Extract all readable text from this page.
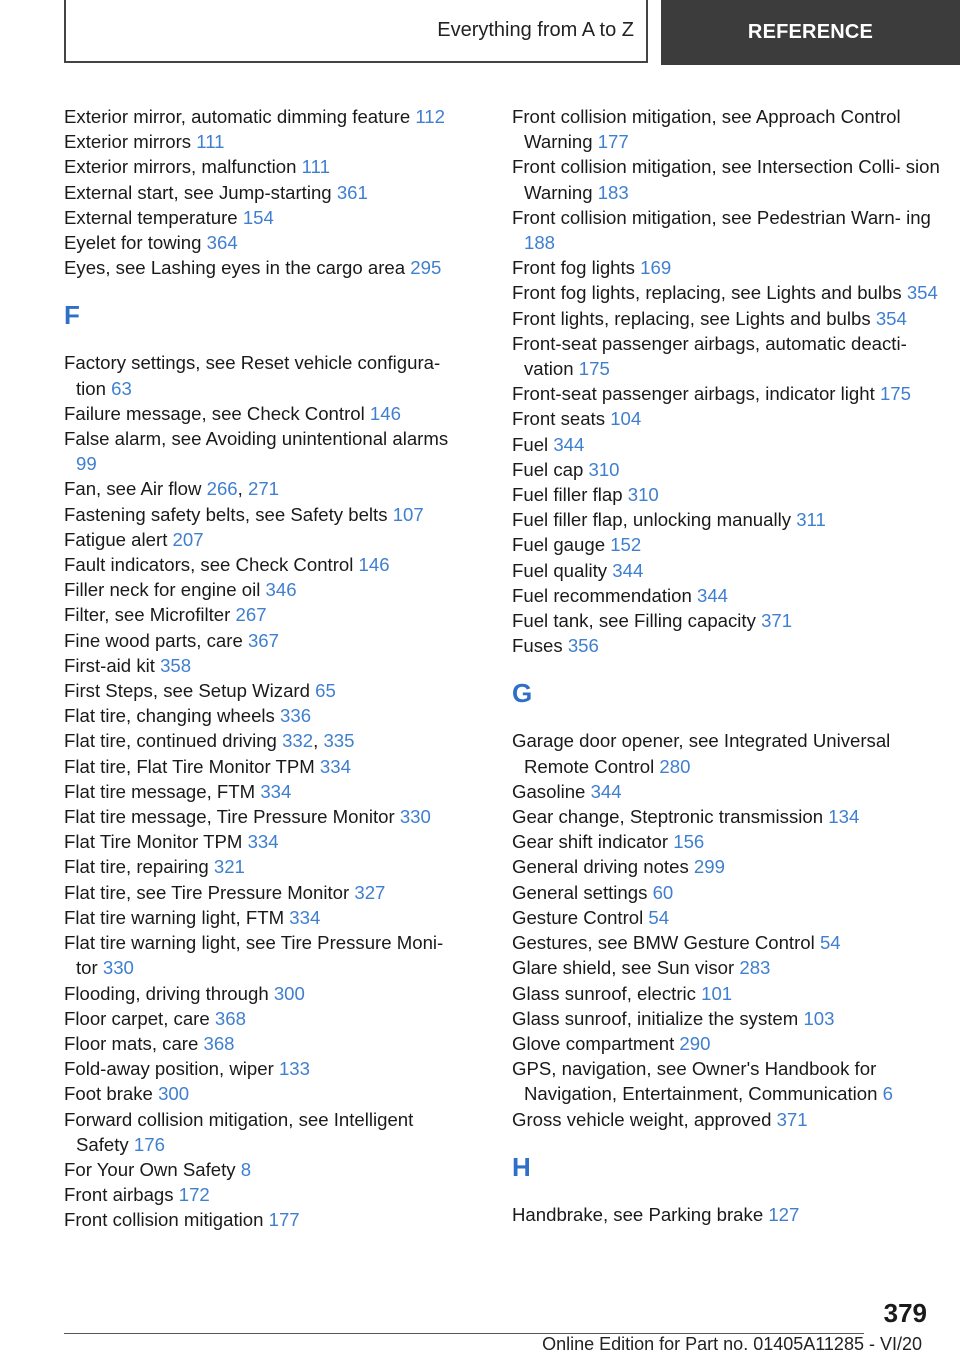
Everything from A to Z	REFERENCE
Exterior mirror, automatic dimming feature 112
Exterior mirrors 111
Exterior mirrors, malfunction 111
External start, see Jump-starting 361
External temperature 154
Eyelet for towing 364
Eyes, see Lashing eyes in the cargo area 295
F
Factory settings, see Reset vehicle configura- tion 63
Failure message, see Check Control 146
False alarm, see Avoiding unintentional alarms 99
Fan, see Air flow 266, 271
Fastening safety belts, see Safety belts 107
Fatigue alert 207
Fault indicators, see Check Control 146
Filler neck for engine oil 346
Filter, see Microfilter 267
Fine wood parts, care 367
First-aid kit 358
First Steps, see Setup Wizard 65
Flat tire, changing wheels 336
Flat tire, continued driving 332, 335
Flat tire, Flat Tire Monitor TPM 334
Flat tire message, FTM 334
Flat tire message, Tire Pressure Monitor 330
Flat Tire Monitor TPM 334
Flat tire, repairing 321
Flat tire, see Tire Pressure Monitor 327
Flat tire warning light, FTM 334
Flat tire warning light, see Tire Pressure Moni- tor 330
Flooding, driving through 300
Floor carpet, care 368
Floor mats, care 368
Fold-away position, wiper 133
Foot brake 300
Forward collision mitigation, see Intelligent Safety 176
For Your Own Safety 8
Front airbags 172
Front collision mitigation 177
Front collision mitigation, see Approach Control Warning 177
Front collision mitigation, see Intersection Colli- sion Warning 183
Front collision mitigation, see Pedestrian Warn- ing 188
Front fog lights 169
Front fog lights, replacing, see Lights and bulbs 354
Front lights, replacing, see Lights and bulbs 354
Front-seat passenger airbags, automatic deacti- vation 175
Front-seat passenger airbags, indicator light 175
Front seats 104
Fuel 344
Fuel cap 310
Fuel filler flap 310
Fuel filler flap, unlocking manually 311
Fuel gauge 152
Fuel quality 344
Fuel recommendation 344
Fuel tank, see Filling capacity 371
Fuses 356
G
Garage door opener, see Integrated Universal Remote Control 280
Gasoline 344
Gear change, Steptronic transmission 134
Gear shift indicator 156
General driving notes 299
General settings 60
Gesture Control 54
Gestures, see BMW Gesture Control 54
Glare shield, see Sun visor 283
Glass sunroof, electric 101
Glass sunroof, initialize the system 103
Glove compartment 290
GPS, navigation, see Owner's Handbook for Navigation, Entertainment, Communication 6
Gross vehicle weight, approved 371
H
Handbrake, see Parking brake 127
379
Online Edition for Part no. 01405A11285 - VI/20
